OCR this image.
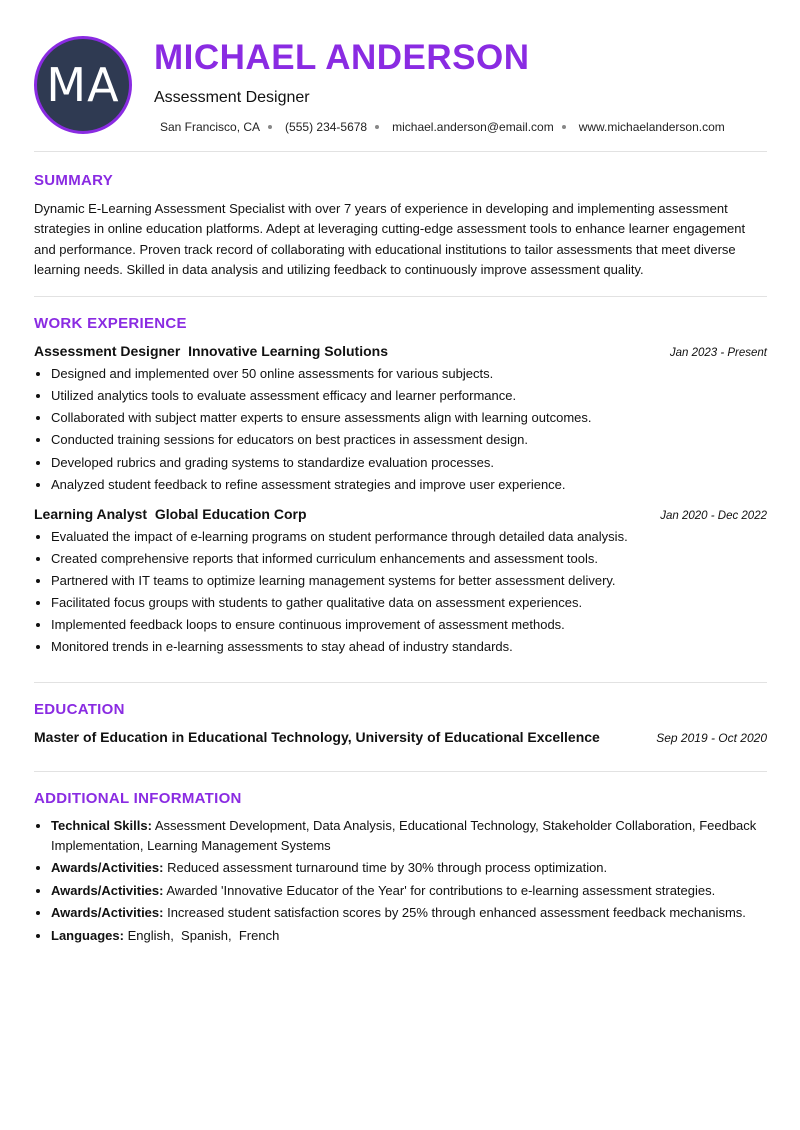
MA
MICHAEL ANDERSON
Assessment Designer
San Francisco, CA (555) 234-5678 michael.anderson@email.com www.michaelanderson.com
SUMMARY

Dynamic E-Learning Assessment Specialist with over 7 years of experience in developing and implementing assessment strategies in online education platforms. Adept at leveraging cutting-edge assessment tools to enhance learner engagement and performance. Proven track record of collaborating with educational institutions to tailor assessments that meet diverse learning needs. Skilled in data analysis and utilizing feedback to continuously improve assessment quality.

WORK EXPERIENCE
Assessment Designer  Innovative Learning Solutions	Jan 2023 - Present
• Designed and implemented over 50 online assessments for various subjects.
• Utilized analytics tools to evaluate assessment efficacy and learner performance.
• Collaborated with subject matter experts to ensure assessments align with learning outcomes.
• Conducted training sessions for educators on best practices in assessment design.
• Developed rubrics and grading systems to standardize evaluation processes.
• Analyzed student feedback to refine assessment strategies and improve user experience.
Learning Analyst  Global Education Corp	Jan 2020 - Dec 2022
• Evaluated the impact of e-learning programs on student performance through detailed data analysis.
• Created comprehensive reports that informed curriculum enhancements and assessment tools.
• Partnered with IT teams to optimize learning management systems for better assessment delivery.
• Facilitated focus groups with students to gather qualitative data on assessment experiences.
• Implemented feedback loops to ensure continuous improvement of assessment methods.
• Monitored trends in e-learning assessments to stay ahead of industry standards.
EDUCATION
Master of Education in Educational Technology, University of Educational Excellence	Sep 2019 - Oct 2020
ADDITIONAL INFORMATION
• Technical Skills: Assessment Development, Data Analysis, Educational Technology, Stakeholder Collaboration, Feedback Implementation, Learning Management Systems
• Awards/Activities: Reduced assessment turnaround time by 30% through process optimization.
• Awards/Activities: Awarded 'Innovative Educator of the Year' for contributions to e-learning assessment strategies.
• Awards/Activities: Increased student satisfaction scores by 25% through enhanced assessment feedback mechanisms.
• Languages: English,  Spanish,  French
